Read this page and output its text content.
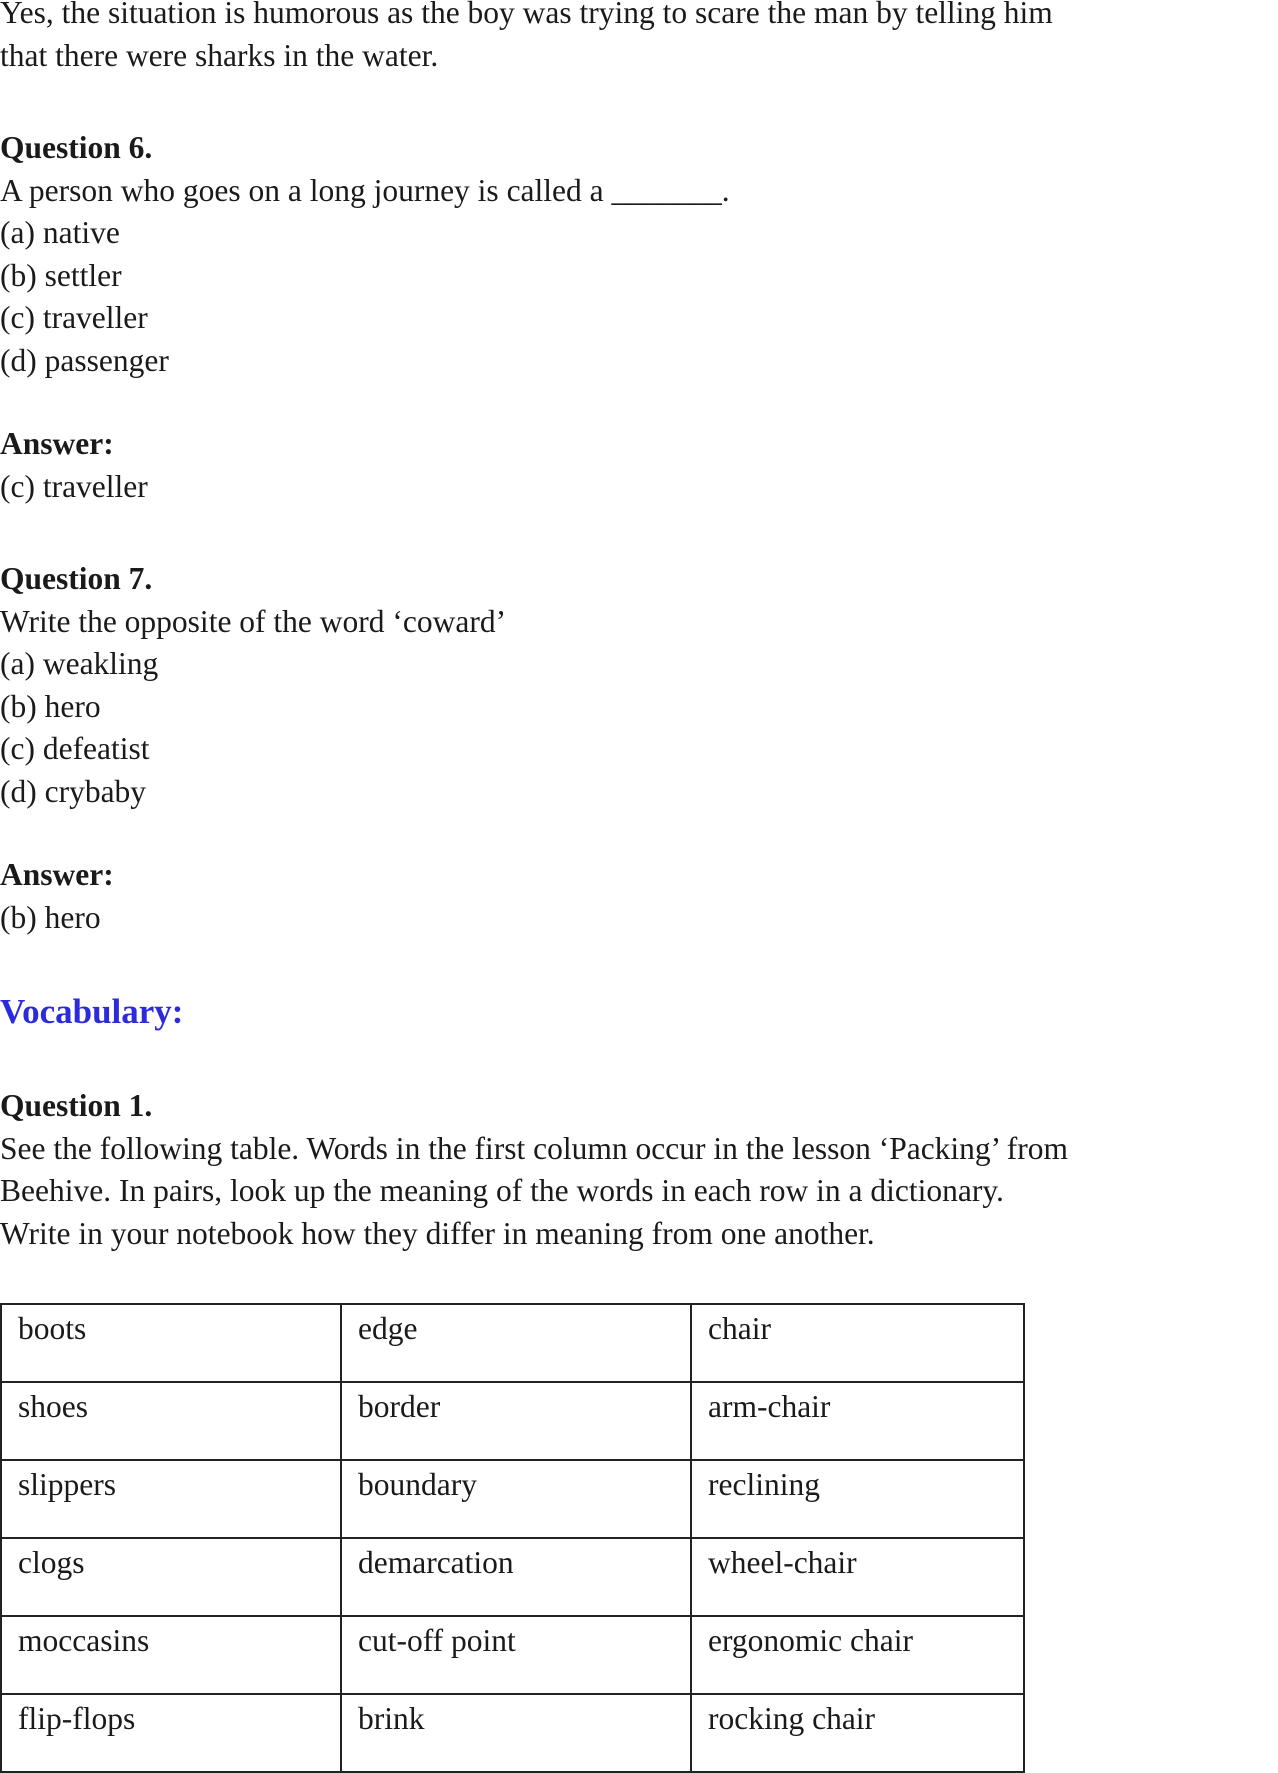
Yes, the situation is humorous as the boy was trying to scare the man by telling him
that there were sharks in the water.
Question 6.
A person who goes on a long journey is called a _______.
(a) native
(b) settler
(c) traveller
(d) passenger
Answer:
(c) traveller
Question 7.
Write the opposite of the word ‘coward’
(a) weakling
(b) hero
(c) defeatist
(d) crybaby
Answer:
(b) hero
Vocabulary:
Question 1.
See the following table. Words in the first column occur in the lesson ‘Packing’ from
Beehive. In pairs, look up the meaning of the words in each row in a dictionary.
Write in your notebook how they differ in meaning from one another.
boots	edge	chair
shoes	border	arm-chair
slippers	boundary	reclining
clogs	demarcation	wheel-chair
moccasins	cut-off point	ergonomic chair
flip-flops	brink	rocking chair
